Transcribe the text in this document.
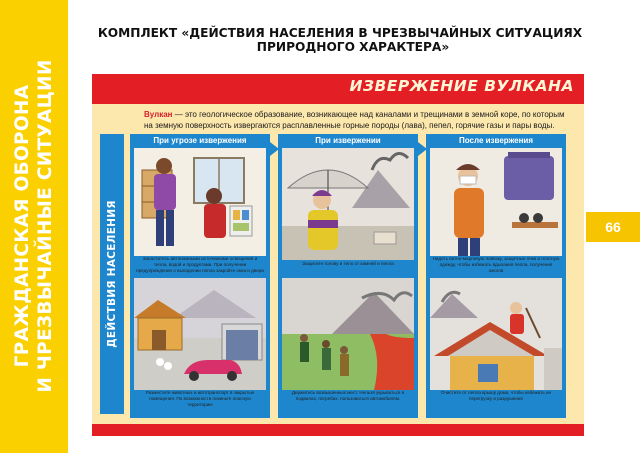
ГРАЖДАНСКАЯ ОБОРОНА И ЧРЕЗВЫЧАЙНЫЕ СИТУАЦИИ	66
КОМПЛЕКТ «ДЕЙСТВИЯ НАСЕЛЕНИЯ В ЧРЕЗВЫЧАЙНЫХ СИТУАЦИЯХ
ПРИРОДНОГО ХАРАКТЕРА»
ИЗВЕРЖЕНИЕ ВУЛКАНА
Вулкан — это геологическое образование, возникающее над каналами и трещинами в земной коре, по которым на земную поверхность извергаются расплавленные горные породы (лава), пепел, горячие газы и пары воды.
ДЕЙСТВИЯ НАСЕЛЕНИЯ
При угрозе извержения
Запаститесь автономными источниками освещения и тепла, водой и продуктами. При получении предупреждения о выпадении пепла закройте окна и двери
Разместите животных и автотранспорт в закрытые помещения. По возможности покиньте опасную территорию
При извержении
Защитите голову и тело от камней и пепла
Держитесь возвышенных мест. Нельзя укрываться в подвалах, погребах, пользоваться автомобилем.
После извержения
Надеть ватно-марлевую повязку, защитные очки и плотную одежду, чтобы избежать вдыхания пепла, получения ожогов
Очистите от пепла крышу дома, чтобы избежать ее перегрузку и разрушение
